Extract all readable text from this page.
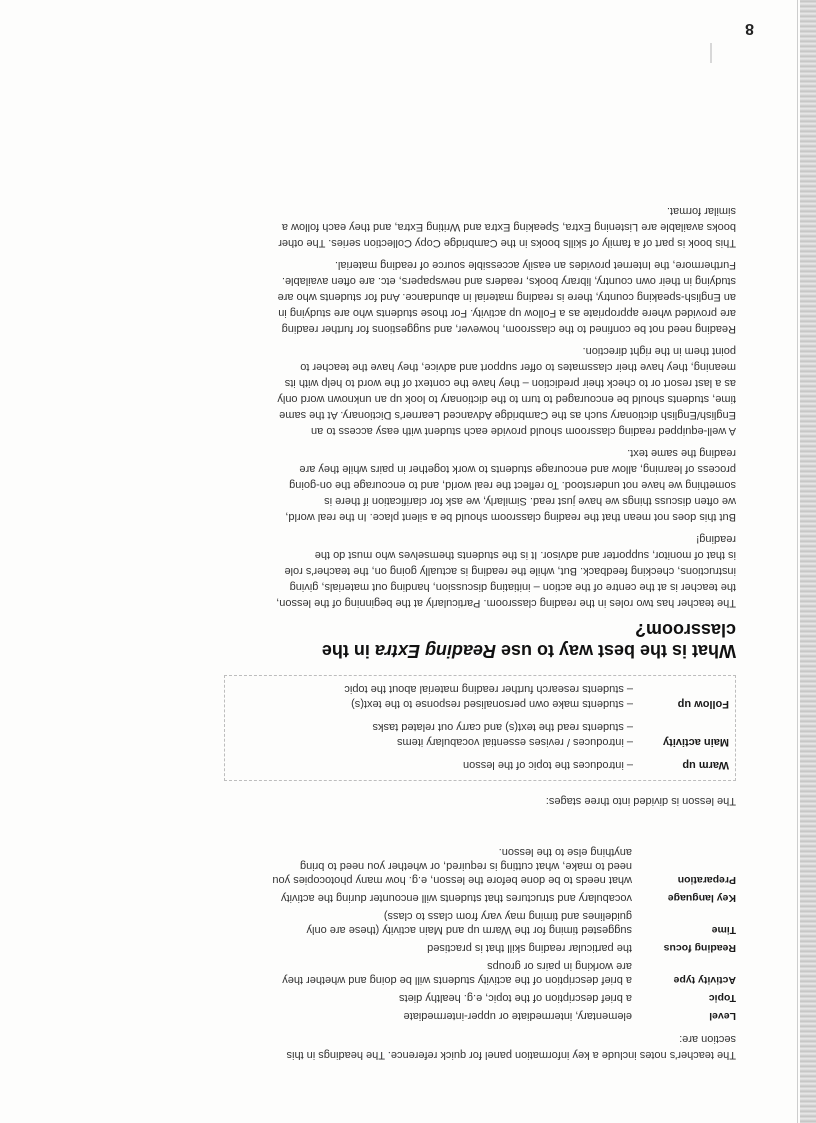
8

The teacher's notes include a key information panel for quick reference. The headings in this section are:

Level
elementary, intermediate or upper-intermediate
Topic
a brief description of the topic, e.g. healthy diets
Activity type
a brief description of the activity students will be doing and whether they are working in pairs or groups
Reading focus
the particular reading skill that is practised
Time
suggested timing for the Warm up and Main activity (these are only guidelines and timing may vary from class to class)
Key language
vocabulary and structures that students will encounter during the activity
Preparation
what needs to be done before the lesson, e.g. how many photocopies you need to make, what cutting is required, or whether you need to bring anything else to the lesson.

The lesson is divided into three stages:

Warm up
– introduces the topic of the lesson
Main activity
– introduces / revises essential vocabulary items
– students read the text(s) and carry out related tasks
Follow up
– students make own personalised response to the text(s)
– students research further reading material about the topic
What is the best way to use Reading Extra in the classroom?

The teacher has two roles in the reading classroom. Particularly at the beginning of the lesson, the teacher is at the centre of the action – initiating discussion, handing out materials, giving instructions, checking feedback. But, while the reading is actually going on, the teacher's role is that of monitor, supporter and advisor. It is the students themselves who must do the reading!

But this does not mean that the reading classroom should be a silent place. In the real world, we often discuss things we have just read. Similarly, we ask for clarification if there is something we have not understood. To reflect the real world, and to encourage the on-going process of learning, allow and encourage students to work together in pairs while they are reading the same text.

A well-equipped reading classroom should provide each student with easy access to an English/English dictionary such as the Cambridge Advanced Learner's Dictionary. At the same time, students should be encouraged to turn to the dictionary to look up an unknown word only as a last resort or to check their prediction – they have the context of the word to help with its meaning, they have their classmates to offer support and advice, they have the teacher to point them in the right direction.

Reading need not be confined to the classroom, however, and suggestions for further reading are provided where appropriate as a Follow up activity. For those students who are studying in an English-speaking country, there is reading material in abundance. And for students who are studying in their own country, library books, readers and newspapers, etc. are often available. Furthermore, the Internet provides an easily accessible source of reading material.

This book is part of a family of skills books in the Cambridge Copy Collection series. The other books available are Listening Extra, Speaking Extra and Writing Extra, and they each follow a similar format.
